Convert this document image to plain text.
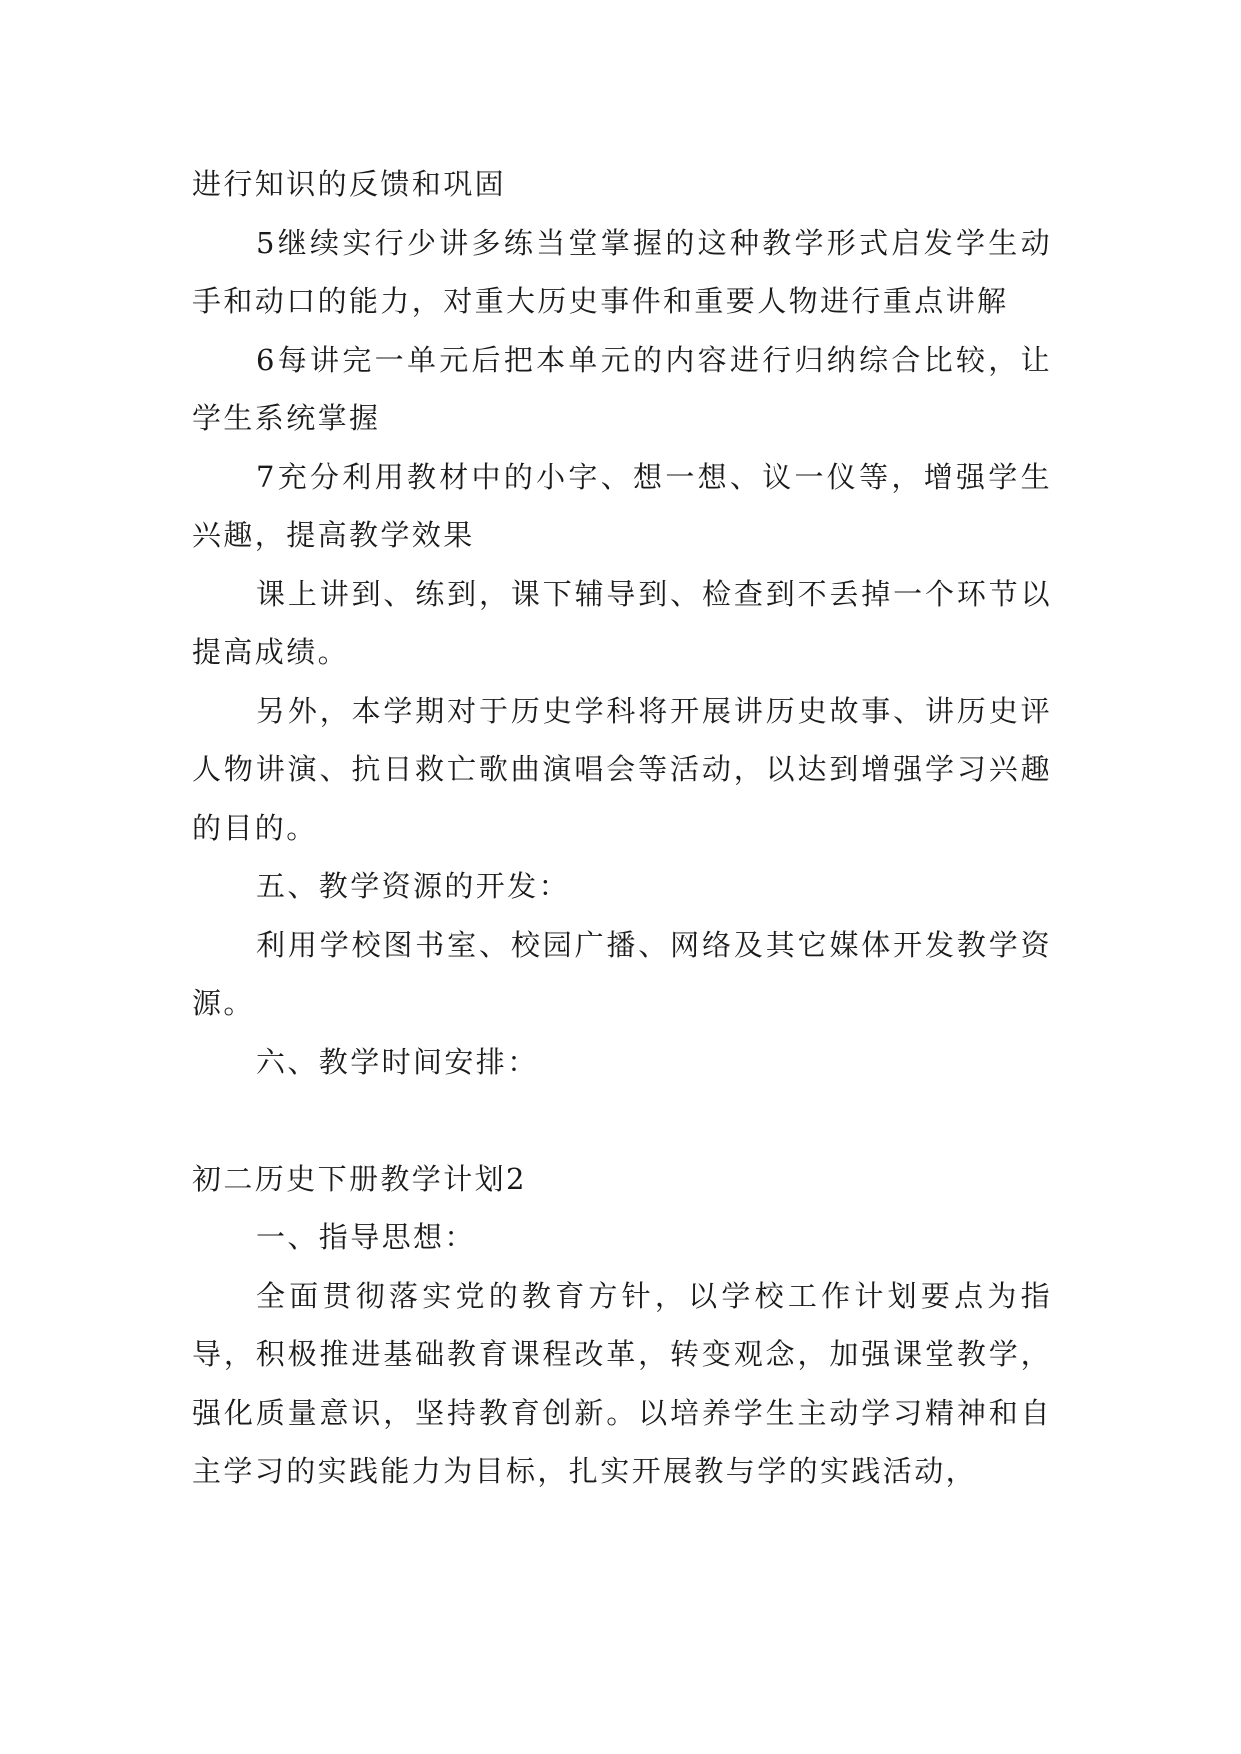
进行知识的反馈和巩固

5继续实行少讲多练当堂掌握的这种教学形式启发学生动手和动口的能力，对重大历史事件和重要人物进行重点讲解

6每讲完一单元后把本单元的内容进行归纳综合比较，让学生系统掌握

7充分利用教材中的小字、想一想、议一仪等，增强学生兴趣，提高教学效果

课上讲到、练到，课下辅导到、检查到不丢掉一个环节以提高成绩。

另外，本学期对于历史学科将开展讲历史故事、讲历史评人物讲演、抗日救亡歌曲演唱会等活动，以达到增强学习兴趣的目的。

五、教学资源的开发：

利用学校图书室、校园广播、网络及其它媒体开发教学资源。

六、教学时间安排：

初二历史下册教学计划2

一、指导思想：

全面贯彻落实党的教育方针，以学校工作计划要点为指导，积极推进基础教育课程改革，转变观念，加强课堂教学，强化质量意识，坚持教育创新。以培养学生主动学习精神和自主学习的实践能力为目标，扎实开展教与学的实践活动，
